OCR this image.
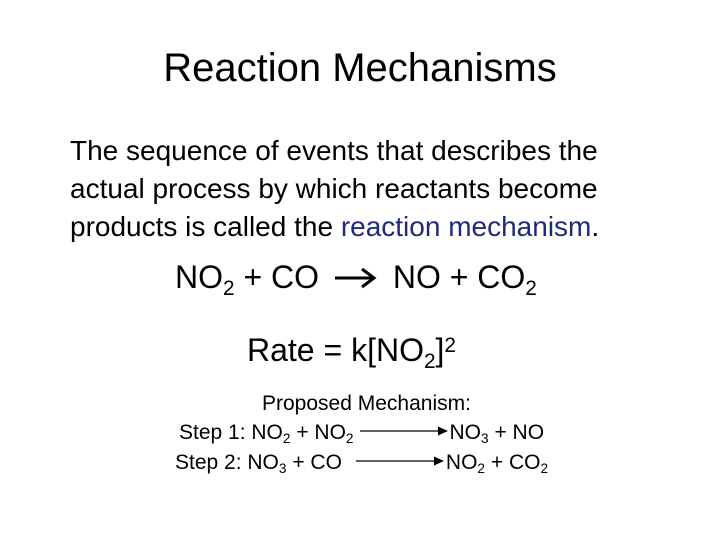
Reaction Mechanisms
The sequence of events that describes the
actual process by which reactants become
products is called the reaction mechanism.
$NO_2$ + CO  NO + $CO_2$
Rate = $k[NO_2]^2$
Proposed Mechanism:
Step 1: $NO_2 + NO_2$	$NO_3$ + NO
Step 2: $NO_3$ + CO	$NO_2 + CO_2$
